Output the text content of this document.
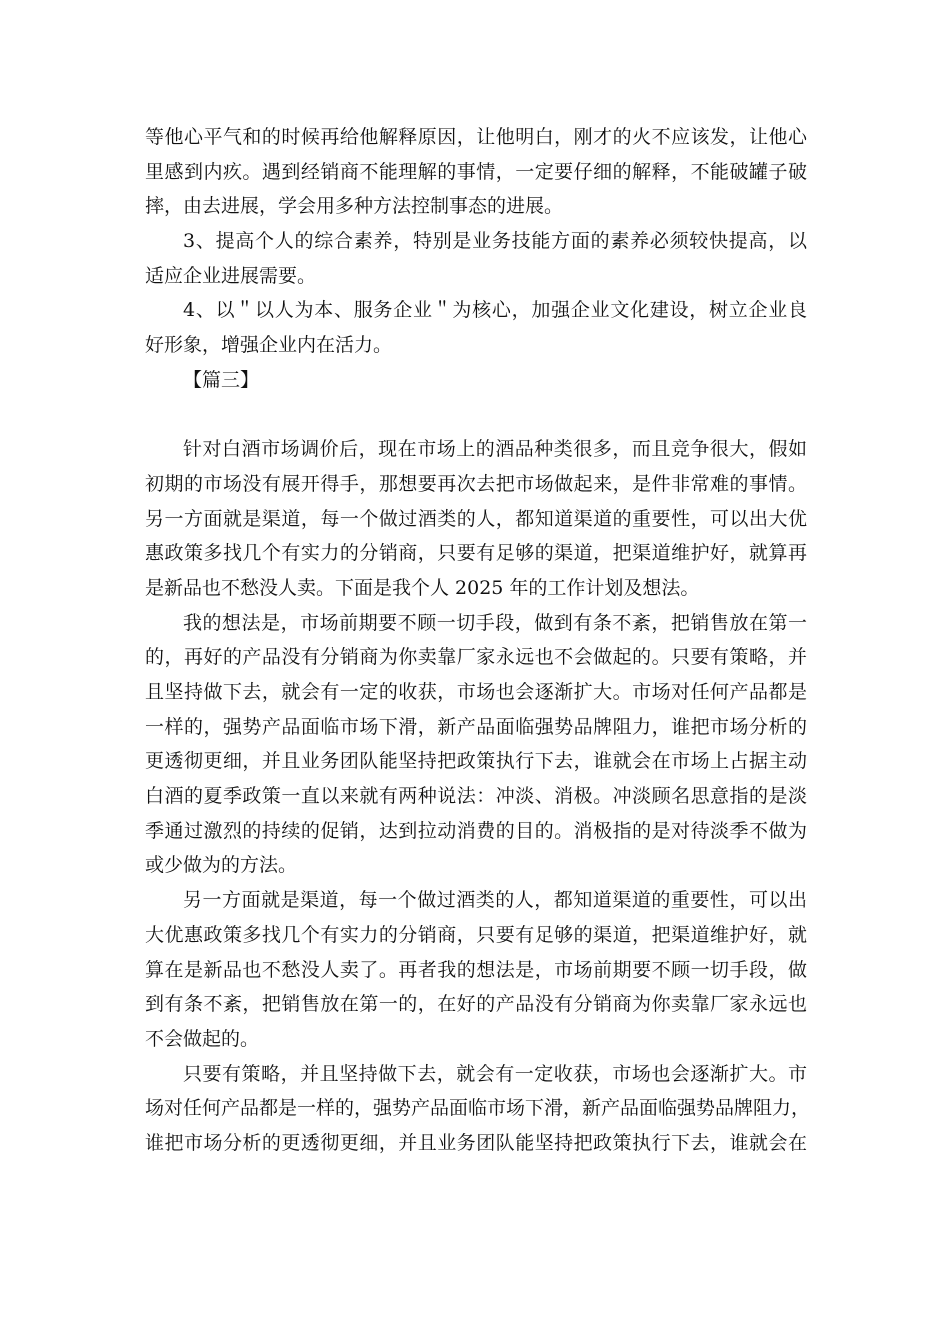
等他心平气和的时候再给他解释原因，让他明白，刚才的火不应该发，让他心
里感到内疚。遇到经销商不能理解的事情，一定要仔细的解释，不能破罐子破
摔，由去进展，学会用多种方法控制事态的进展。
3、提高个人的综合素养，特别是业务技能方面的素养必须较快提高，以
适应企业进展需要。
4、以＂以人为本、服务企业＂为核心，加强企业文化建设，树立企业良
好形象，增强企业内在活力。
【篇三】
针对白酒市场调价后，现在市场上的酒品种类很多，而且竞争很大，假如
初期的市场没有展开得手，那想要再次去把市场做起来，是件非常难的事情。
另一方面就是渠道，每一个做过酒类的人，都知道渠道的重要性，可以出大优
惠政策多找几个有实力的分销商，只要有足够的渠道，把渠道维护好，就算再
是新品也不愁没人卖。下面是我个人 2025 年的工作计划及想法。
我的想法是，市场前期要不顾一切手段，做到有条不紊，把销售放在第一
的，再好的产品没有分销商为你卖靠厂家永远也不会做起的。只要有策略，并
且坚持做下去，就会有一定的收获，市场也会逐渐扩大。市场对任何产品都是
一样的，强势产品面临市场下滑，新产品面临强势品牌阻力，谁把市场分析的
更透彻更细，并且业务团队能坚持把政策执行下去，谁就会在市场上占据主动
白酒的夏季政策一直以来就有两种说法：冲淡、消极。冲淡顾名思意指的是淡
季通过激烈的持续的促销，达到拉动消费的目的。消极指的是对待淡季不做为
或少做为的方法。
另一方面就是渠道，每一个做过酒类的人，都知道渠道的重要性，可以出
大优惠政策多找几个有实力的分销商，只要有足够的渠道，把渠道维护好，就
算在是新品也不愁没人卖了。再者我的想法是，市场前期要不顾一切手段，做
到有条不紊，把销售放在第一的，在好的产品没有分销商为你卖靠厂家永远也
不会做起的。
只要有策略，并且坚持做下去，就会有一定收获，市场也会逐渐扩大。市
场对任何产品都是一样的，强势产品面临市场下滑，新产品面临强势品牌阻力，
谁把市场分析的更透彻更细，并且业务团队能坚持把政策执行下去，谁就会在
